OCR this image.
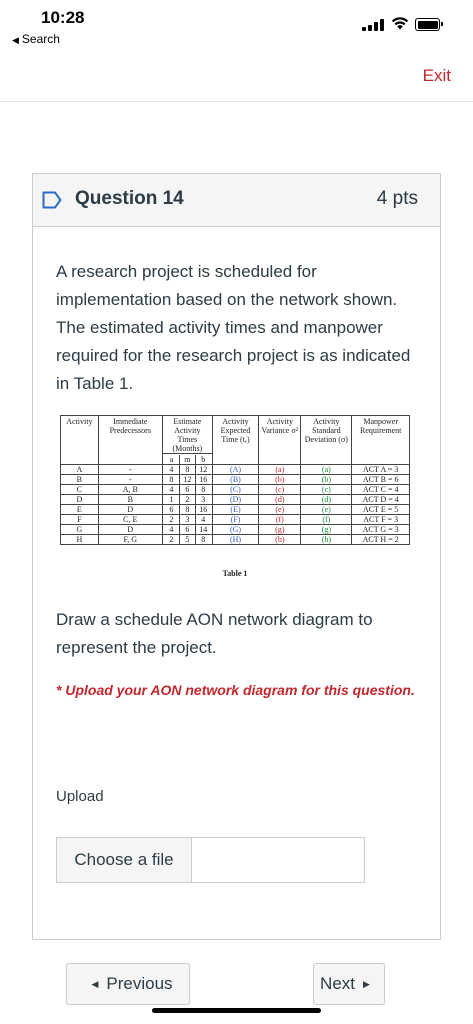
10:28
◀ Search
Exit
Question 14	4 pts
A research project is scheduled for implementation based on the network shown. The estimated activity times and manpower required for the research project is as indicated in Table 1.
Activity	Immediate Predecessors	Estimate Activity Times (Months)	Activity Expected Time (tₑ)	Activity Variance σ²	Activity Standard Deviation (σ)	Manpower Requirement

		a m b				

A	-	4 8 12	(A)	(a)	(a)	ACT A = 3
B	-	8 12 16	(B)	(b)	(b)	ACT B = 6
C	A, B	4 6 8	(C)	(c)	(c)	ACT C = 4
D	B	1 2 3	(D)	(d)	(d)	ACT D = 4
E	D	6 8 16	(E)	(e)	(e)	ACT E = 5
F	C, E	2 3 4	(F)	(f)	(f)	ACT F = 3
G	D	4 6 14	(G)	(g)	(g)	ACT G = 3
H	F, G	2 5 8	(H)	(h)	(h)	ACT H = 2
Table 1
Draw a schedule AON network diagram to represent the project.
* Upload your AON network diagram for this question.
Upload
Choose a file
◀ Previous	Next ▶
